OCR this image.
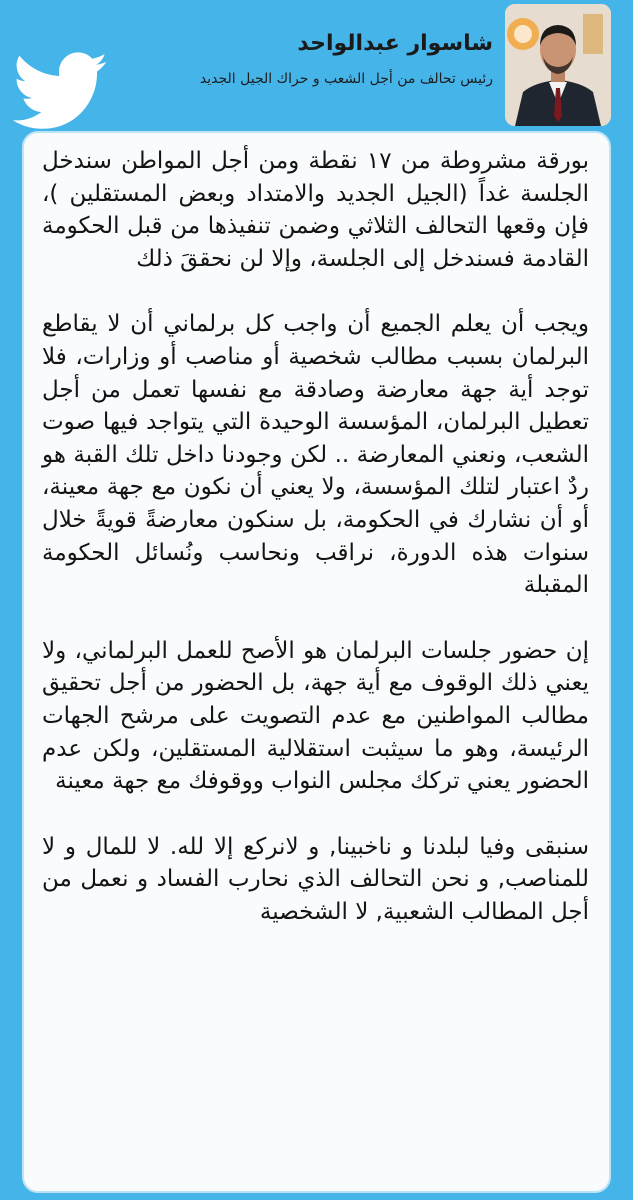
شاسوار عبدالواحد
رئيس تحالف من أجل الشعب و حراك الجيل الجديد

بورقة مشروطة من ١٧ نقطة ومن أجل المواطن سندخل الجلسة غداً (الجيل الجديد والامتداد وبعض المستقلين )، فإن وقعها التحالف الثلاثي وضمن تنفيذها من قبل الحكومة القادمة فسندخل إلى الجلسة، وإلا لن نحققَ ذلك

ويجب أن يعلم الجميع أن واجب كل برلماني أن لا يقاطع البرلمان بسبب مطالب شخصية أو مناصب أو وزارات، فلا توجد أية جهة معارضة وصادقة مع نفسها تعمل من أجل تعطيل البرلمان، المؤسسة الوحيدة التي يتواجد فيها صوت الشعب، ونعني المعارضة .. لكن وجودنا داخل تلك القبة هو ردٌ اعتبار لتلك المؤسسة، ولا يعني أن نكون مع جهة معينة، أو أن نشارك في الحكومة، بل سنكون معارضةً قويةً خلال سنوات هذه الدورة، نراقب ونحاسب ونُسائل الحكومة المقبلة

إن حضور جلسات البرلمان هو الأصح للعمل البرلماني، ولا يعني ذلك الوقوف مع أية جهة، بل الحضور من أجل تحقيق مطالب المواطنين مع عدم التصويت على مرشح الجهات الرئيسة، وهو ما سيثبت استقلالية المستقلين، ولكن عدم الحضور يعني تركك مجلس النواب ووقوفك مع جهة معينة

سنبقى وفيا لبلدنا و ناخبينا, و لانركع إلا لله. لا للمال و لا للمناصب, و نحن التحالف الذي نحارب الفساد و نعمل من أجل المطالب الشعبية, لا الشخصية
